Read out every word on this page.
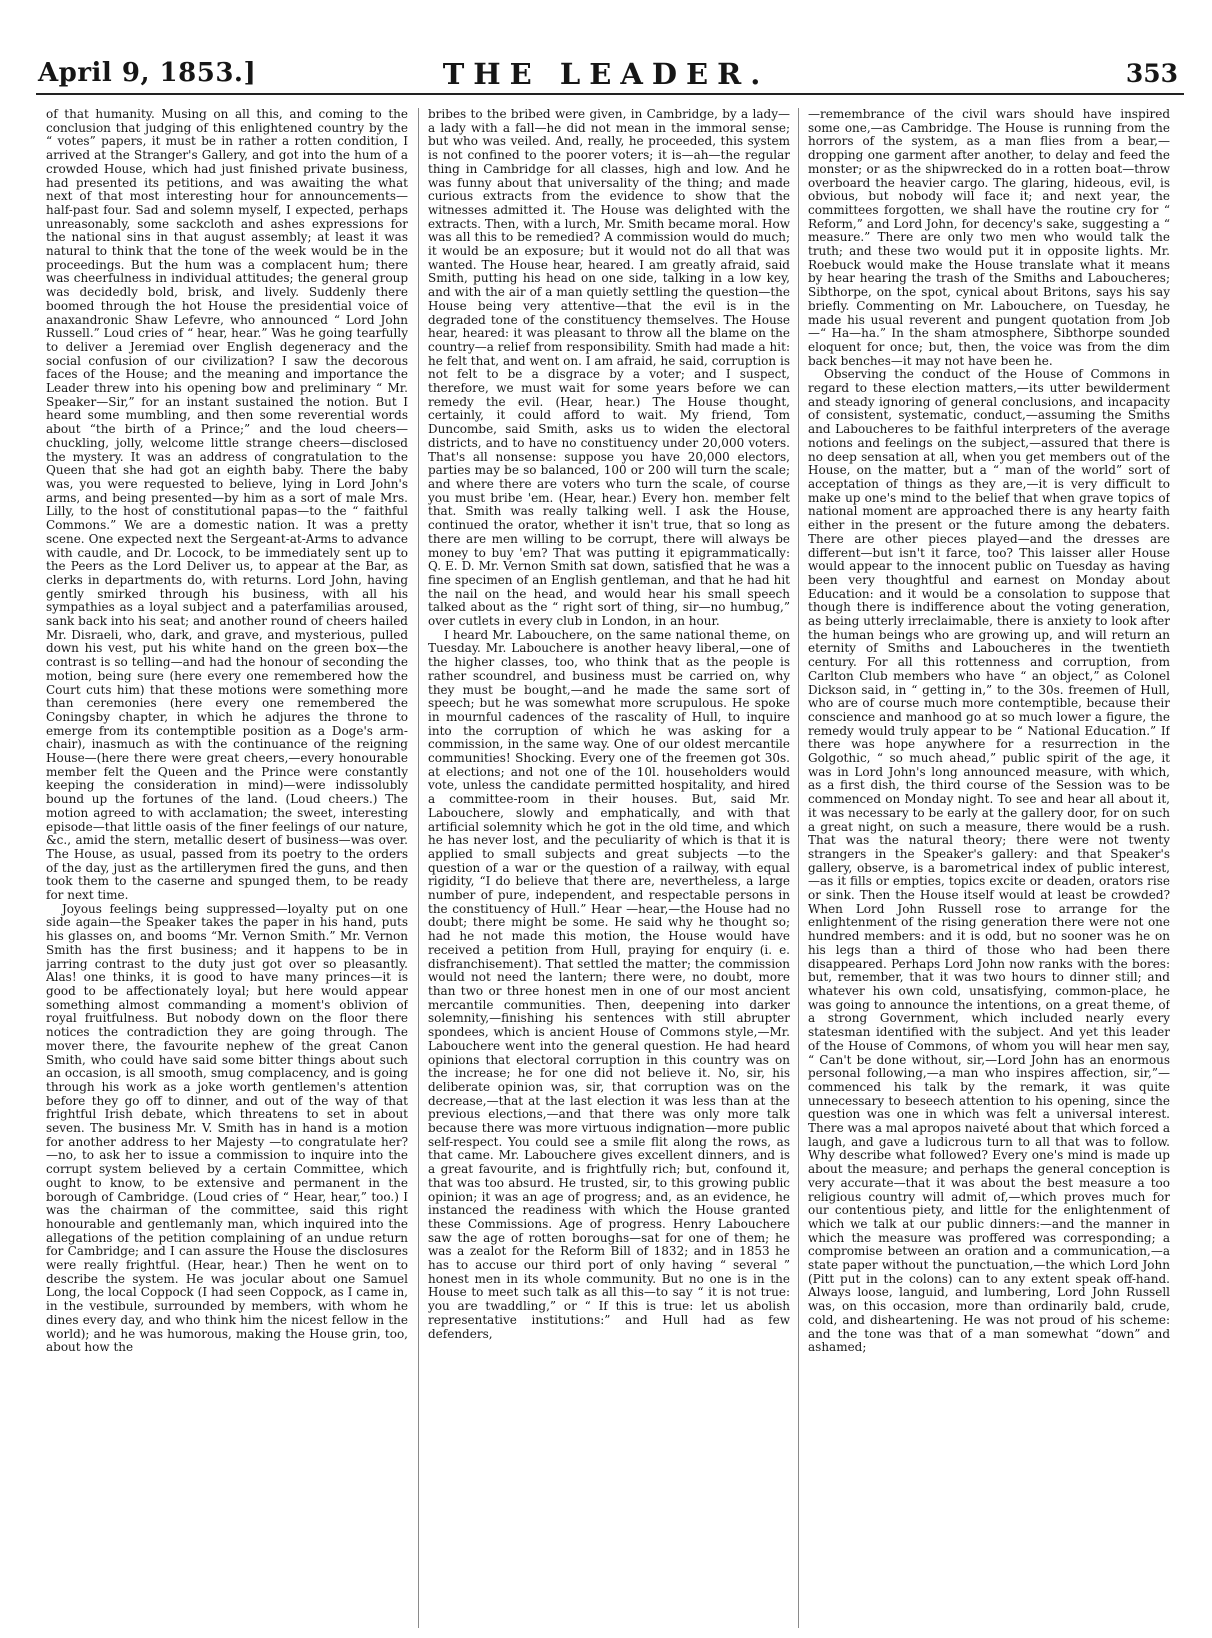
April 9, 1853.]	THE LEADER.	353

of that humanity. Musing on all this, and coming to the conclusion that judging of this enlightened country by the “ votes” papers, it must be in rather a rotten condition, I arrived at the Stranger's Gallery, and got into the hum of a crowded House, which had just finished private business, had presented its petitions, and was awaiting the what next of that most interesting hour for announcements—half-past four. Sad and solemn myself, I expected, perhaps unreasonably, some sackcloth and ashes expressions for the national sins in that august assembly; at least it was natural to think that the tone of the week would be in the proceedings. But the hum was a complacent hum; there was cheerfulness in individual attitudes; the general group was decidedly bold, brisk, and lively. Suddenly there boomed through the hot House the presidential voice of anaxandronic Shaw Lefevre, who announced “ Lord John Russell.” Loud cries of “ hear, hear.” Was he going tearfully to deliver a Jeremiad over English degeneracy and the social confusion of our civilization? I saw the decorous faces of the House; and the meaning and importance the Leader threw into his opening bow and preliminary “ Mr. Speaker—Sir,” for an instant sustained the notion. But I heard some mumbling, and then some reverential words about “the birth of a Prince;” and the loud cheers—chuckling, jolly, welcome little strange cheers—disclosed the mystery. It was an address of congratulation to the Queen that she had got an eighth baby. There the baby was, you were requested to believe, lying in Lord John's arms, and being presented—by him as a sort of male Mrs. Lilly, to the host of constitutional papas—to the “ faithful Commons.” We are a domestic nation. It was a pretty scene. One expected next the Sergeant-at-Arms to advance with caudle, and Dr. Locock, to be immediately sent up to the Peers as the Lord Deliver us, to appear at the Bar, as clerks in departments do, with returns. Lord John, having gently smirked through his business, with all his sympathies as a loyal subject and a paterfamilias aroused, sank back into his seat; and another round of cheers hailed Mr. Disraeli, who, dark, and grave, and mysterious, pulled down his vest, put his white hand on the green box—the contrast is so telling—and had the honour of seconding the motion, being sure (here every one remembered how the Court cuts him) that these motions were something more than ceremonies (here every one remembered the Coningsby chapter, in which he adjures the throne to emerge from its contemptible position as a Doge's arm-chair), inasmuch as with the continuance of the reigning House—(here there were great cheers,—every honourable member felt the Queen and the Prince were constantly keeping the consideration in mind)—were indissolubly bound up the fortunes of the land. (Loud cheers.) The motion agreed to with acclamation; the sweet, interesting episode—that little oasis of the finer feelings of our nature, &c., amid the stern, metallic desert of business—was over. The House, as usual, passed from its poetry to the orders of the day, just as the artillerymen fired the guns, and then took them to the caserne and spunged them, to be ready for next time.

Joyous feelings being suppressed—loyalty put on one side again—the Speaker takes the paper in his hand, puts his glasses on, and booms “Mr. Vernon Smith.” Mr. Vernon Smith has the first business; and it happens to be in jarring contrast to the duty just got over so pleasantly. Alas! one thinks, it is good to have many princes—it is good to be affectionately loyal; but here would appear something almost commanding a moment's oblivion of royal fruitfulness. But nobody down on the floor there notices the contradiction they are going through. The mover there, the favourite nephew of the great Canon Smith, who could have said some bitter things about such an occasion, is all smooth, smug complacency, and is going through his work as a joke worth gentlemen's attention before they go off to dinner, and out of the way of that frightful Irish debate, which threatens to set in about seven. The business Mr. V. Smith has in hand is a motion for another address to her Majesty —to congratulate her?—no, to ask her to issue a commission to inquire into the corrupt system believed by a certain Committee, which ought to know, to be extensive and permanent in the borough of Cambridge. (Loud cries of “ Hear, hear,” too.) I was the chairman of the committee, said this right honourable and gentlemanly man, which inquired into the allegations of the petition complaining of an undue return for Cambridge; and I can assure the House the disclosures were really frightful. (Hear, hear.) Then he went on to describe the system. He was jocular about one Samuel Long, the local Coppock (I had seen Coppock, as I came in, in the vestibule, surrounded by members, with whom he dines every day, and who think him the nicest fellow in the world); and he was humorous, making the House grin, too, about how the

bribes to the bribed were given, in Cambridge, by a lady—a lady with a fall—he did not mean in the immoral sense; but who was veiled. And, really, he proceeded, this system is not confined to the poorer voters; it is—ah—the regular thing in Cambridge for all classes, high and low. And he was funny about that universality of the thing; and made curious extracts from the evidence to show that the witnesses admitted it. The House was delighted with the extracts. Then, with a lurch, Mr. Smith became moral. How was all this to be remedied? A commission would do much; it would be an exposure; but it would not do all that was wanted. The House hear, heared. I am greatly afraid, said Smith, putting his head on one side, talking in a low key, and with the air of a man quietly settling the question—the House being very attentive—that the evil is in the degraded tone of the constituency themselves. The House hear, heared: it was pleasant to throw all the blame on the country—a relief from responsibility. Smith had made a hit: he felt that, and went on. I am afraid, he said, corruption is not felt to be a disgrace by a voter; and I suspect, therefore, we must wait for some years before we can remedy the evil. (Hear, hear.) The House thought, certainly, it could afford to wait. My friend, Tom Duncombe, said Smith, asks us to widen the electoral districts, and to have no constituency under 20,000 voters. That's all nonsense: suppose you have 20,000 electors, parties may be so balanced, 100 or 200 will turn the scale; and where there are voters who turn the scale, of course you must bribe 'em. (Hear, hear.) Every hon. member felt that. Smith was really talking well. I ask the House, continued the orator, whether it isn't true, that so long as there are men willing to be corrupt, there will always be money to buy 'em? That was putting it epigrammatically: Q. E. D. Mr. Vernon Smith sat down, satisfied that he was a fine specimen of an English gentleman, and that he had hit the nail on the head, and would hear his small speech talked about as the “ right sort of thing, sir—no humbug,” over cutlets in every club in London, in an hour.

I heard Mr. Labouchere, on the same national theme, on Tuesday. Mr. Labouchere is another heavy liberal,—one of the higher classes, too, who think that as the people is rather scoundrel, and business must be carried on, why they must be bought,—and he made the same sort of speech; but he was somewhat more scrupulous. He spoke in mournful cadences of the rascality of Hull, to inquire into the corruption of which he was asking for a commission, in the same way. One of our oldest mercantile communities! Shocking. Every one of the freemen got 30s. at elections; and not one of the 10l. householders would vote, unless the candidate permitted hospitality, and hired a committee-room in their houses. But, said Mr. Labouchere, slowly and emphatically, and with that artificial solemnity which he got in the old time, and which he has never lost, and the peculiarity of which is that it is applied to small subjects and great subjects —to the question of a war or the question of a railway, with equal rigidity, “I do believe that there are, nevertheless, a large number of pure, independent, and respectable persons in the constituency of Hull.” Hear —hear,—the House had no doubt; there might be some. He said why he thought so; had he not made this motion, the House would have received a petition from Hull, praying for enquiry (i. e. disfranchisement). That settled the matter; the commission would not need the lantern; there were, no doubt, more than two or three honest men in one of our most ancient mercantile communities. Then, deepening into darker solemnity,—finishing his sentences with still abrupter spondees, which is ancient House of Commons style,—Mr. Labouchere went into the general question. He had heard opinions that electoral corruption in this country was on the increase; he for one did not believe it. No, sir, his deliberate opinion was, sir, that corruption was on the decrease,—that at the last election it was less than at the previous elections,—and that there was only more talk because there was more virtuous indignation—more public self-respect. You could see a smile flit along the rows, as that came. Mr. Labouchere gives excellent dinners, and is a great favourite, and is frightfully rich; but, confound it, that was too absurd. He trusted, sir, to this growing public opinion; it was an age of progress; and, as an evidence, he instanced the readiness with which the House granted these Commissions. Age of progress. Henry Labouchere saw the age of rotten boroughs—sat for one of them; he was a zealot for the Reform Bill of 1832; and in 1853 he has to accuse our third port of only having “ several ” honest men in its whole community. But no one is in the House to meet such talk as all this—to say “ it is not true: you are twaddling,” or “ If this is true: let us abolish representative institutions:” and Hull had as few defenders,

—remembrance of the civil wars should have inspired some one,—as Cambridge. The House is running from the horrors of the system, as a man flies from a bear,—dropping one garment after another, to delay and feed the monster; or as the shipwrecked do in a rotten boat—throw overboard the heavier cargo. The glaring, hideous, evil, is obvious, but nobody will face it; and next year, the committees forgotten, we shall have the routine cry for “ Reform,” and Lord John, for decency's sake, suggesting a “ measure.” There are only two men who would talk the truth; and these two would put it in opposite lights. Mr. Roebuck would make the House translate what it means by hear hearing the trash of the Smiths and Laboucheres; Sibthorpe, on the spot, cynical about Britons, says his say briefly. Commenting on Mr. Labouchere, on Tuesday, he made his usual reverent and pungent quotation from Job—“ Ha—ha.” In the sham atmosphere, Sibthorpe sounded eloquent for once; but, then, the voice was from the dim back benches—it may not have been he.

Observing the conduct of the House of Commons in regard to these election matters,—its utter bewilderment and steady ignoring of general conclusions, and incapacity of consistent, systematic, conduct,—assuming the Smiths and Laboucheres to be faithful interpreters of the average notions and feelings on the subject,—assured that there is no deep sensation at all, when you get members out of the House, on the matter, but a “ man of the world” sort of acceptation of things as they are,—it is very difficult to make up one's mind to the belief that when grave topics of national moment are approached there is any hearty faith either in the present or the future among the debaters. There are other pieces played—and the dresses are different—but isn't it farce, too? This laisser aller House would appear to the innocent public on Tuesday as having been very thoughtful and earnest on Monday about Education: and it would be a consolation to suppose that though there is indifference about the voting generation, as being utterly irreclaimable, there is anxiety to look after the human beings who are growing up, and will return an eternity of Smiths and Laboucheres in the twentieth century. For all this rottenness and corruption, from Carlton Club members who have “ an object,” as Colonel Dickson said, in “ getting in,” to the 30s. freemen of Hull, who are of course much more contemptible, because their conscience and manhood go at so much lower a figure, the remedy would truly appear to be “ National Education.” If there was hope anywhere for a resurrection in the Golgothic, “ so much ahead,” public spirit of the age, it was in Lord John's long announced measure, with which, as a first dish, the third course of the Session was to be commenced on Monday night. To see and hear all about it, it was necessary to be early at the gallery door, for on such a great night, on such a measure, there would be a rush. That was the natural theory; there were not twenty strangers in the Speaker's gallery: and that Speaker's gallery, observe, is a barometrical index of public interest,—as it fills or empties, topics excite or deaden, orators rise or sink. Then the House itself would at least be crowded? When Lord John Russell rose to arrange for the enlightenment of the rising generation there were not one hundred members: and it is odd, but no sooner was he on his legs than a third of those who had been there disappeared. Perhaps Lord John now ranks with the bores: but, remember, that it was two hours to dinner still; and whatever his own cold, unsatisfying, common-place, he was going to announce the intentions, on a great theme, of a strong Government, which included nearly every statesman identified with the subject. And yet this leader of the House of Commons, of whom you will hear men say, “ Can't be done without, sir,—Lord John has an enormous personal following,—a man who inspires affection, sir,”—commenced his talk by the remark, it was quite unnecessary to beseech attention to his opening, since the question was one in which was felt a universal interest. There was a mal apropos naiveté about that which forced a laugh, and gave a ludicrous turn to all that was to follow. Why describe what followed? Every one's mind is made up about the measure; and perhaps the general conception is very accurate—that it was about the best measure a too religious country will admit of,—which proves much for our contentious piety, and little for the enlightenment of which we talk at our public dinners:—and the manner in which the measure was proffered was corresponding; a compromise between an oration and a communication,—a state paper without the punctuation,—the which Lord John (Pitt put in the colons) can to any extent speak off-hand. Always loose, languid, and lumbering, Lord John Russell was, on this occasion, more than ordinarily bald, crude, cold, and disheartening. He was not proud of his scheme: and the tone was that of a man somewhat “down” and ashamed;
